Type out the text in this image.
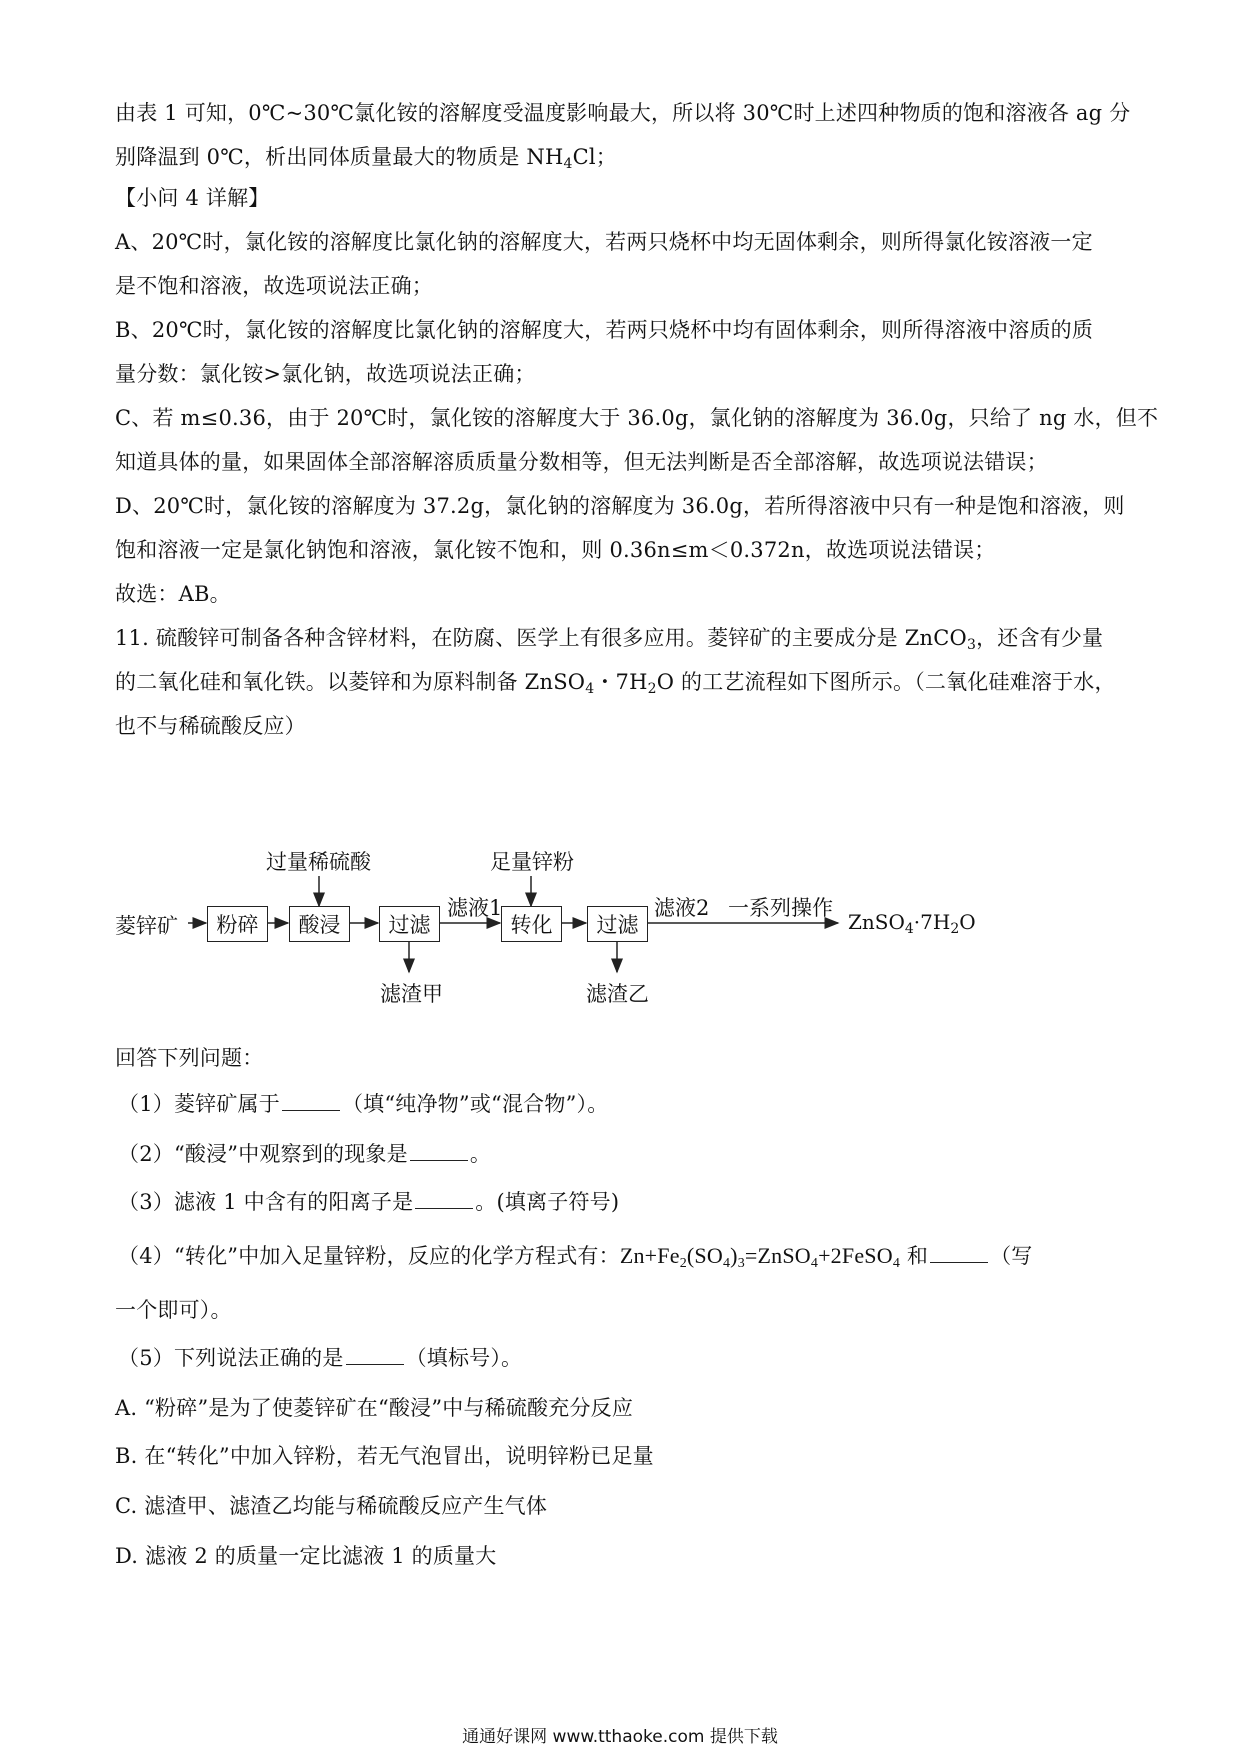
由表 1 可知，0℃~30℃氯化铵的溶解度受温度影响最大，所以将 30℃时上述四种物质的饱和溶液各 ag 分
别降温到 0℃，析出同体质量最大的物质是 $NH_4Cl$；
【小问 4 详解】
A、20℃时，氯化铵的溶解度比氯化钠的溶解度大，若两只烧杯中均无固体剩余，则所得氯化铵溶液一定
是不饱和溶液，故选项说法正确；
B、20℃时，氯化铵的溶解度比氯化钠的溶解度大，若两只烧杯中均有固体剩余，则所得溶液中溶质的质
量分数：氯化铵>氯化钠，故选项说法正确；
C、若 m≤0.36，由于 20℃时，氯化铵的溶解度大于 36.0g，氯化钠的溶解度为 36.0g，只给了 ng 水，但不
知道具体的量，如果固体全部溶解溶质质量分数相等，但无法判断是否全部溶解，故选项说法错误；
D、20℃时，氯化铵的溶解度为 37.2g，氯化钠的溶解度为 36.0g，若所得溶液中只有一种是饱和溶液，则
饱和溶液一定是氯化钠饱和溶液，氯化铵不饱和，则 0.36n≤m＜0.372n，故选项说法错误；
故选：AB。
11. 硫酸锌可制备各种含锌材料，在防腐、医学上有很多应用。菱锌矿的主要成分是 ZnCO$_3$，还含有少量
的二氧化硅和氧化铁。以菱锌和为原料制备 ZnSO$_4$・$7H_2O$ 的工艺流程如下图所示。（二氧化硅难溶于水，
也不与稀硫酸反应）
菱锌矿	粉碎	酸浸	过滤	转化	过滤
过量稀硫酸	足量锌粉
滤液1	滤液2 一系列操作
$ZnSO_4\cdot 7H_2O$
滤渣甲	滤渣乙
回答下列问题：
（1）菱锌矿属于	（填“纯净物”或“混合物”）。
（2）“酸浸”中观察到的现象是	。
（3）滤液 1 中含有的阳离子是	。(填离子符号)
（4）“转化”中加入足量锌粉，反应的化学方程式有：$Zn+Fe_2(SO_4)_3=ZnSO_4+2FeSO_4$ 和	（写
一个即可）。
（5）下列说法正确的是	（填标号）。
A. “粉碎”是为了使菱锌矿在“酸浸”中与稀硫酸充分反应
B. 在“转化”中加入锌粉，若无气泡冒出，说明锌粉已足量
C. 滤渣甲、滤渣乙均能与稀硫酸反应产生气体
D. 滤液 2 的质量一定比滤液 1 的质量大
通通好课网 www.tthaoke.com 提供下载
